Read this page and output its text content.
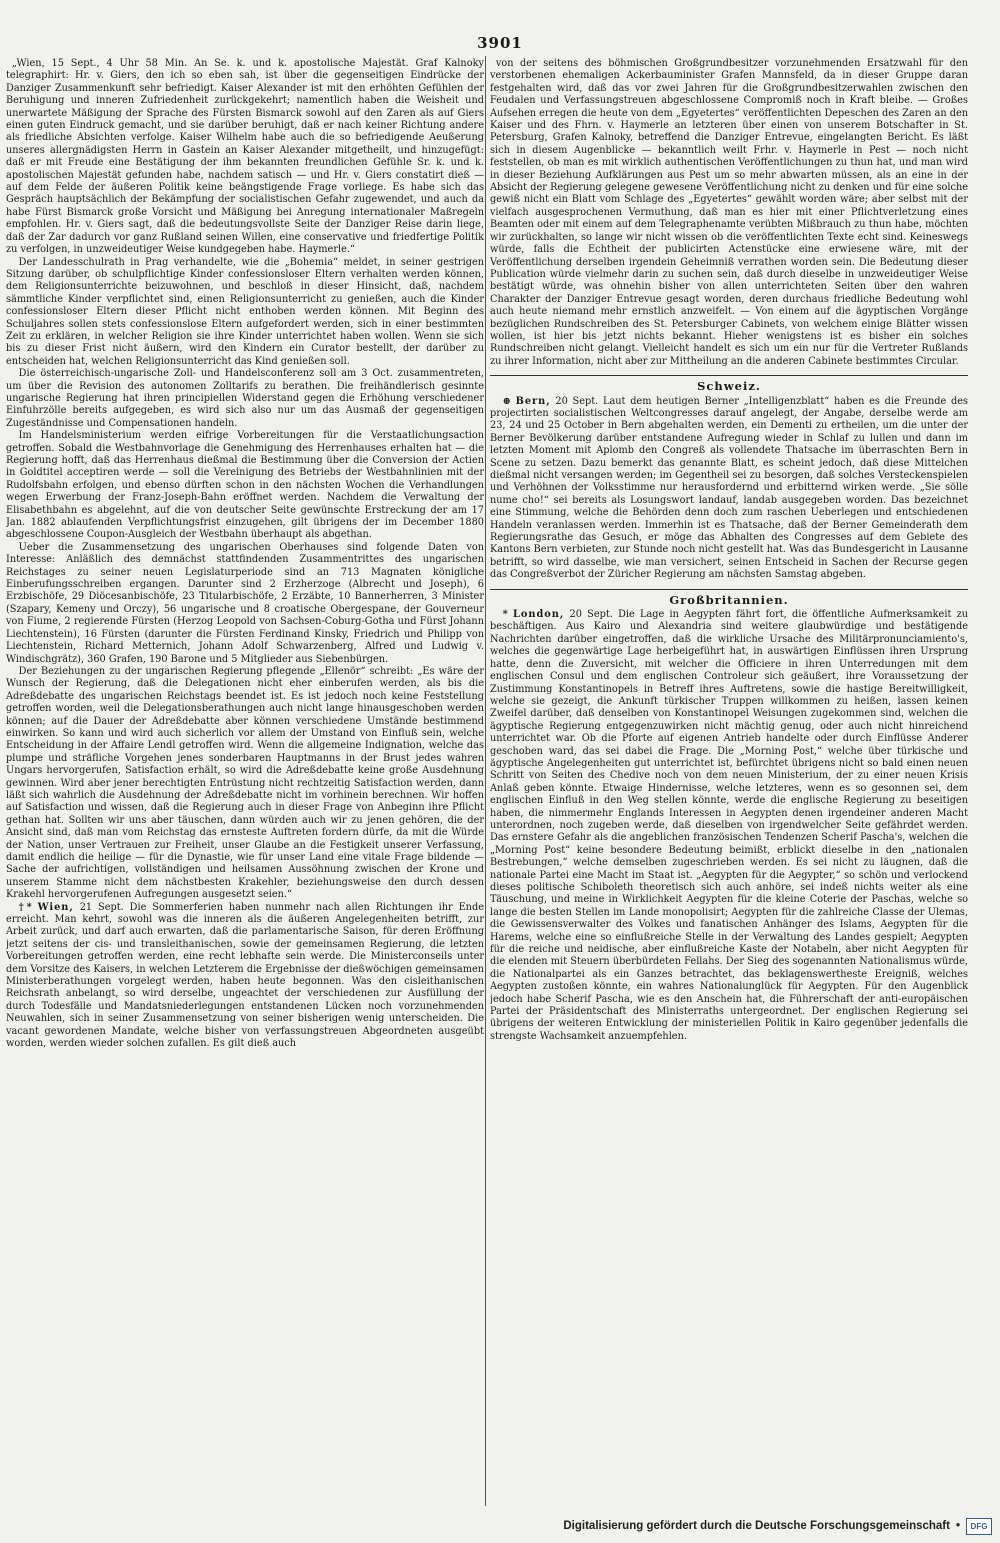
3901

„Wien, 15 Sept., 4 Uhr 58 Min. An Se. k. und k. apostolische Majestät. Graf Kalnoky telegraphirt: Hr. v. Giers, den ich so eben sah, ist über die gegenseitigen Eindrücke der Danziger Zusammenkunft sehr befriedigt. Kaiser Alexander ist mit den erhöhten Gefühlen der Beruhigung und inneren Zufriedenheit zurückgekehrt; namentlich haben die Weisheit und unerwartete Mäßigung der Sprache des Fürsten Bismarck sowohl auf den Zaren als auf Giers einen guten Eindruck gemacht, und sie darüber beruhigt, daß er nach keiner Richtung andere als friedliche Absichten verfolge. Kaiser Wilhelm habe auch die so befriedigende Aeußerung unseres allergnädigsten Herrn in Gastein an Kaiser Alexander mitgetheilt, und hinzugefügt: daß er mit Freude eine Bestätigung der ihm bekannten freundlichen Gefühle Sr. k. und k. apostolischen Majestät gefunden habe, nachdem satisch — und Hr. v. Giers constatirt dieß — auf dem Felde der äußeren Politik keine beängstigende Frage vorliege. Es habe sich das Gespräch hauptsächlich der Bekämpfung der socialistischen Gefahr zugewendet, und auch da habe Fürst Bismarck große Vorsicht und Mäßigung bei Anregung internationaler Maßregeln empfohlen. Hr. v. Giers sagt, daß die bedeutungsvollste Seite der Danziger Reise darin liege, daß der Zar dadurch vor ganz Rußland seinen Willen, eine conservative und friedfertige Politik zu verfolgen, in unzweideutiger Weise kundgegeben habe. Haymerle.“

Der Landesschulrath in Prag verhandelte, wie die „Bohemia“ meldet, in seiner gestrigen Sitzung darüber, ob schulpflichtige Kinder confessionsloser Eltern verhalten werden können, dem Religionsunterrichte beizuwohnen, und beschloß in dieser Hinsicht, daß, nachdem sämmtliche Kinder verpflichtet sind, einen Religionsunterricht zu genießen, auch die Kinder confessionsloser Eltern dieser Pflicht nicht enthoben werden können. Mit Beginn des Schuljahres sollen stets confessionslose Eltern aufgefordert werden, sich in einer bestimmten Zeit zu erklären, in welcher Religion sie ihre Kinder unterrichtet haben wollen. Wenn sie sich bis zu dieser Frist nicht äußern, wird den Kindern ein Curator bestellt, der darüber zu entscheiden hat, welchen Religionsunterricht das Kind genießen soll.

Die österreichisch-ungarische Zoll- und Handelsconferenz soll am 3 Oct. zusammentreten, um über die Revision des autonomen Zolltarifs zu berathen. Die freihändlerisch gesinnte ungarische Regierung hat ihren principiellen Widerstand gegen die Erhöhung verschiedener Einfuhrzölle bereits aufgegeben, es wird sich also nur um das Ausmaß der gegenseitigen Zugeständnisse und Compensationen handeln.

Im Handelsministerium werden eifrige Vorbereitungen für die Verstaatlichungsaction getroffen. Sobald die Westbahnvorlage die Genehmigung des Herrenhauses erhalten hat — die Regierung hofft, daß das Herrenhaus dießmal die Bestimmung über die Conversion der Actien in Goldtitel acceptiren werde — soll die Vereinigung des Betriebs der Westbahnlinien mit der Rudolfsbahn erfolgen, und ebenso dürften schon in den nächsten Wochen die Verhandlungen wegen Erwerbung der Franz-Joseph-Bahn eröffnet werden. Nachdem die Verwaltung der Elisabethbahn es abgelehnt, auf die von deutscher Seite gewünschte Erstreckung der am 17 Jan. 1882 ablaufenden Verpflichtungsfrist einzugehen, gilt übrigens der im December 1880 abgeschlossene Coupon-Ausgleich der Westbahn überhaupt als abgethan.

Ueber die Zusammensetzung des ungarischen Oberhauses sind folgende Daten von Interesse: Anläßlich des demnächst stattfindenden Zusammentrittes des ungarischen Reichstages zu seiner neuen Legislaturperiode sind an 713 Magnaten königliche Einberufungsschreiben ergangen. Darunter sind 2 Erzherzoge (Albrecht und Joseph), 6 Erzbischöfe, 29 Diöcesanbischöfe, 23 Titularbischöfe, 2 Erzäbte, 10 Bannerherren, 3 Minister (Szapary, Kemeny und Orczy), 56 ungarische und 8 croatische Obergespane, der Gouverneur von Fiume, 2 regierende Fürsten (Herzog Leopold von Sachsen-Coburg-Gotha und Fürst Johann Liechtenstein), 16 Fürsten (darunter die Fürsten Ferdinand Kinsky, Friedrich und Philipp von Liechtenstein, Richard Metternich, Johann Adolf Schwarzenberg, Alfred und Ludwig v. Windischgrätz), 360 Grafen, 190 Barone und 5 Mitglieder aus Siebenbürgen.

Der Beziehungen zu der ungarischen Regierung pflegende „Ellenör“ schreibt: „Es wäre der Wunsch der Regierung, daß die Delegationen nicht eher einberufen werden, als bis die Adreßdebatte des ungarischen Reichstags beendet ist. Es ist jedoch noch keine Feststellung getroffen worden, weil die Delegationsberathungen auch nicht lange hinausgeschoben werden können; auf die Dauer der Adreßdebatte aber können verschiedene Umstände bestimmend einwirken. So kann und wird auch sicherlich vor allem der Umstand von Einfluß sein, welche Entscheidung in der Affaire Lendl getroffen wird. Wenn die allgemeine Indignation, welche das plumpe und sträfliche Vorgehen jenes sonderbaren Hauptmanns in der Brust jedes wahren Ungars hervorgerufen, Satisfaction erhält, so wird die Adreßdebatte keine große Ausdehnung gewinnen. Wird aber jener berechtigten Entrüstung nicht rechtzeitig Satisfaction werden, dann läßt sich wahrlich die Ausdehnung der Adreßdebatte nicht im vorhinein berechnen. Wir hoffen auf Satisfaction und wissen, daß die Regierung auch in dieser Frage von Anbeginn ihre Pflicht gethan hat. Sollten wir uns aber täuschen, dann würden auch wir zu jenen gehören, die der Ansicht sind, daß man vom Reichstag das ernsteste Auftreten fordern dürfe, da mit die Würde der Nation, unser Vertrauen zur Freiheit, unser Glaube an die Festigkeit unserer Verfassung, damit endlich die heilige — für die Dynastie, wie für unser Land eine vitale Frage bildende — Sache der aufrichtigen, vollständigen und heilsamen Aussöhnung zwischen der Krone und unserem Stamme nicht dem nächstbesten Krakehler, beziehungsweise den durch dessen Krakehl hervorgerufenen Aufregungen ausgesetzt seien.“

†* Wien, 21 Sept. Die Sommerferien haben nunmehr nach allen Richtungen ihr Ende erreicht. Man kehrt, sowohl was die inneren als die äußeren Angelegenheiten betrifft, zur Arbeit zurück, und darf auch erwarten, daß die parlamentarische Saison, für deren Eröffnung jetzt seitens der cis- und transleithanischen, sowie der gemeinsamen Regierung, die letzten Vorbereitungen getroffen werden, eine recht lebhafte sein werde. Die Ministerconseils unter dem Vorsitze des Kaisers, in welchen Letzterem die Ergebnisse der dießwöchigen gemeinsamen Ministerberathungen vorgelegt werden, haben heute begonnen. Was den cisleithanischen Reichsrath anbelangt, so wird derselbe, ungeachtet der verschiedenen zur Ausfüllung der durch Todesfälle und Mandatsniederlegungen entstandenen Lücken noch vorzunehmenden Neuwahlen, sich in seiner Zusammensetzung von seiner bisherigen wenig unterscheiden. Die vacant gewordenen Mandate, welche bisher von verfassungstreuen Abgeordneten ausgeübt worden, werden wieder solchen zufallen. Es gilt dieß auch

von der seitens des böhmischen Großgrundbesitzer vorzunehmenden Ersatzwahl für den verstorbenen ehemaligen Ackerbauminister Grafen Mannsfeld, da in dieser Gruppe daran festgehalten wird, daß das vor zwei Jahren für die Großgrundbesitzerwahlen zwischen den Feudalen und Verfassungstreuen abgeschlossene Compromiß noch in Kraft bleibe. — Großes Aufsehen erregen die heute von dem „Egyetertes“ veröffentlichten Depeschen des Zaren an den Kaiser und des Fhrn. v. Haymerle an letzteren über einen von unserem Botschafter in St. Petersburg, Grafen Kalnoky, betreffend die Danziger Entrevue, eingelangten Bericht. Es läßt sich in diesem Augenblicke — bekanntlich weilt Frhr. v. Haymerle in Pest — noch nicht feststellen, ob man es mit wirklich authentischen Veröffentlichungen zu thun hat, und man wird in dieser Beziehung Aufklärungen aus Pest um so mehr abwarten müssen, als an eine in der Absicht der Regierung gelegene gewesene Veröffentlichung nicht zu denken und für eine solche gewiß nicht ein Blatt vom Schlage des „Egyetertes“ gewählt worden wäre; aber selbst mit der vielfach ausgesprochenen Vermuthung, daß man es hier mit einer Pflichtverletzung eines Beamten oder mit einem auf dem Telegraphenamte verübten Mißbrauch zu thun habe, möchten wir zurückhalten, so lange wir nicht wissen ob die veröffentlichten Texte echt sind. Keineswegs würde, falls die Echtheit der publicirten Actenstücke eine erwiesene wäre, mit der Veröffentlichung derselben irgendein Geheimniß verrathen worden sein. Die Bedeutung dieser Publication würde vielmehr darin zu suchen sein, daß durch dieselbe in unzweideutiger Weise bestätigt würde, was ohnehin bisher von allen unterrichteten Seiten über den wahren Charakter der Danziger Entrevue gesagt worden, deren durchaus friedliche Bedeutung wohl auch heute niemand mehr ernstlich anzweifelt. — Von einem auf die ägyptischen Vorgänge bezüglichen Rundschreiben des St. Petersburger Cabinets, von welchem einige Blätter wissen wollen, ist hier bis jetzt nichts bekannt. Hieher wenigstens ist es bisher ein solches Rundschreiben nicht gelangt. Vielleicht handelt es sich um ein nur für die Vertreter Rußlands zu ihrer Information, nicht aber zur Mittheilung an die anderen Cabinete bestimmtes Circular.

Schweiz.

⊕ Bern, 20 Sept. Laut dem heutigen Berner „Intelligenzblatt“ haben es die Freunde des projectirten socialistischen Weltcongresses darauf angelegt, der Angabe, derselbe werde am 23, 24 und 25 October in Bern abgehalten werden, ein Dementi zu ertheilen, um die unter der Berner Bevölkerung darüber entstandene Aufregung wieder in Schlaf zu lullen und dann im letzten Moment mit Aplomb den Congreß als vollendete Thatsache im überraschten Bern in Scene zu setzen. Dazu bemerkt das genannte Blatt, es scheint jedoch, daß diese Mittelchen dießmal nicht versangen werden; im Gegentheil sei zu besorgen, daß solches Versteckenspielen und Verhöhnen der Volksstimme nur herausfordernd und erbitternd wirken werde. „Sie sölle nume cho!“ sei bereits als Losungswort landauf, landab ausgegeben worden. Das bezeichnet eine Stimmung, welche die Behörden denn doch zum raschen Ueberlegen und entschiedenen Handeln veranlassen werden. Immerhin ist es Thatsache, daß der Berner Gemeinderath dem Regierungsrathe das Gesuch, er möge das Abhalten des Congresses auf dem Gebiete des Kantons Bern verbieten, zur Stunde noch nicht gestellt hat. Was das Bundesgericht in Lausanne betrifft, so wird dasselbe, wie man versichert, seinen Entscheid in Sachen der Recurse gegen das Congreßverbot der Züricher Regierung am nächsten Samstag abgeben.

Großbritannien.

* London, 20 Sept. Die Lage in Aegypten fährt fort, die öffentliche Aufmerksamkeit zu beschäftigen. Aus Kairo und Alexandria sind weitere glaubwürdige und bestätigende Nachrichten darüber eingetroffen, daß die wirkliche Ursache des Militärpronunciamiento's, welches die gegenwärtige Lage herbeigeführt hat, in auswärtigen Einflüssen ihren Ursprung hatte, denn die Zuversicht, mit welcher die Officiere in ihren Unterredungen mit dem englischen Consul und dem englischen Controleur sich geäußert, ihre Voraussetzung der Zustimmung Konstantinopels in Betreff ihres Auftretens, sowie die hastige Bereitwilligkeit, welche sie gezeigt, die Ankunft türkischer Truppen willkommen zu heißen, lassen keinen Zweifel darüber, daß denselben von Konstantinopel Weisungen zugekommen sind, welchen die ägyptische Regierung entgegenzuwirken nicht mächtig genug, oder auch nicht hinreichend unterrichtet war. Ob die Pforte auf eigenen Antrieb handelte oder durch Einflüsse Anderer geschoben ward, das sei dabei die Frage. Die „Morning Post,“ welche über türkische und ägyptische Angelegenheiten gut unterrichtet ist, befürchtet übrigens nicht so bald einen neuen Schritt von Seiten des Chedive noch von dem neuen Ministerium, der zu einer neuen Krisis Anlaß geben könnte. Etwaige Hindernisse, welche letzteres, wenn es so gesonnen sei, dem englischen Einfluß in den Weg stellen könnte, werde die englische Regierung zu beseitigen haben, die nimmermehr Englands Interessen in Aegypten denen irgendeiner anderen Macht unterordnen, noch zugeben werde, daß dieselben von irgendwelcher Seite gefährdet werden. Das ernstere Gefahr als die angeblichen französischen Tendenzen Scherif Pascha's, welchen die „Morning Post“ keine besondere Bedeutung beimißt, erblickt dieselbe in den „nationalen Bestrebungen,“ welche demselben zugeschrieben werden. Es sei nicht zu läugnen, daß die nationale Partei eine Macht im Staat ist. „Aegypten für die Aegypter,“ so schön und verlockend dieses politische Schiboleth theoretisch sich auch anhöre, sei indeß nichts weiter als eine Täuschung, und meine in Wirklichkeit Aegypten für die kleine Coterie der Paschas, welche so lange die besten Stellen im Lande monopolisirt; Aegypten für die zahlreiche Classe der Ulemas, die Gewissensverwalter des Volkes und fanatischen Anhänger des Islams, Aegypten für die Harems, welche eine so einflußreiche Stelle in der Verwaltung des Landes gespielt; Aegypten für die reiche und neidische, aber einflußreiche Kaste der Notabeln, aber nicht Aegypten für die elenden mit Steuern überbürdeten Fellahs. Der Sieg des sogenannten Nationalismus würde, die Nationalpartei als ein Ganzes betrachtet, das beklagenswertheste Ereigniß, welches Aegypten zustoßen könnte, ein wahres Nationalunglück für Aegypten. Für den Augenblick jedoch habe Scherif Pascha, wie es den Anschein hat, die Führerschaft der anti-europäischen Partei der Präsidentschaft des Ministerraths untergeordnet. Der englischen Regierung sei übrigens der weiteren Entwicklung der ministeriellen Politik in Kairo gegenüber jedenfalls die strengste Wachsamkeit anzuempfehlen.

Digitalisierung gefördert durch die Deutsche Forschungsgemeinschaft •	DFG
